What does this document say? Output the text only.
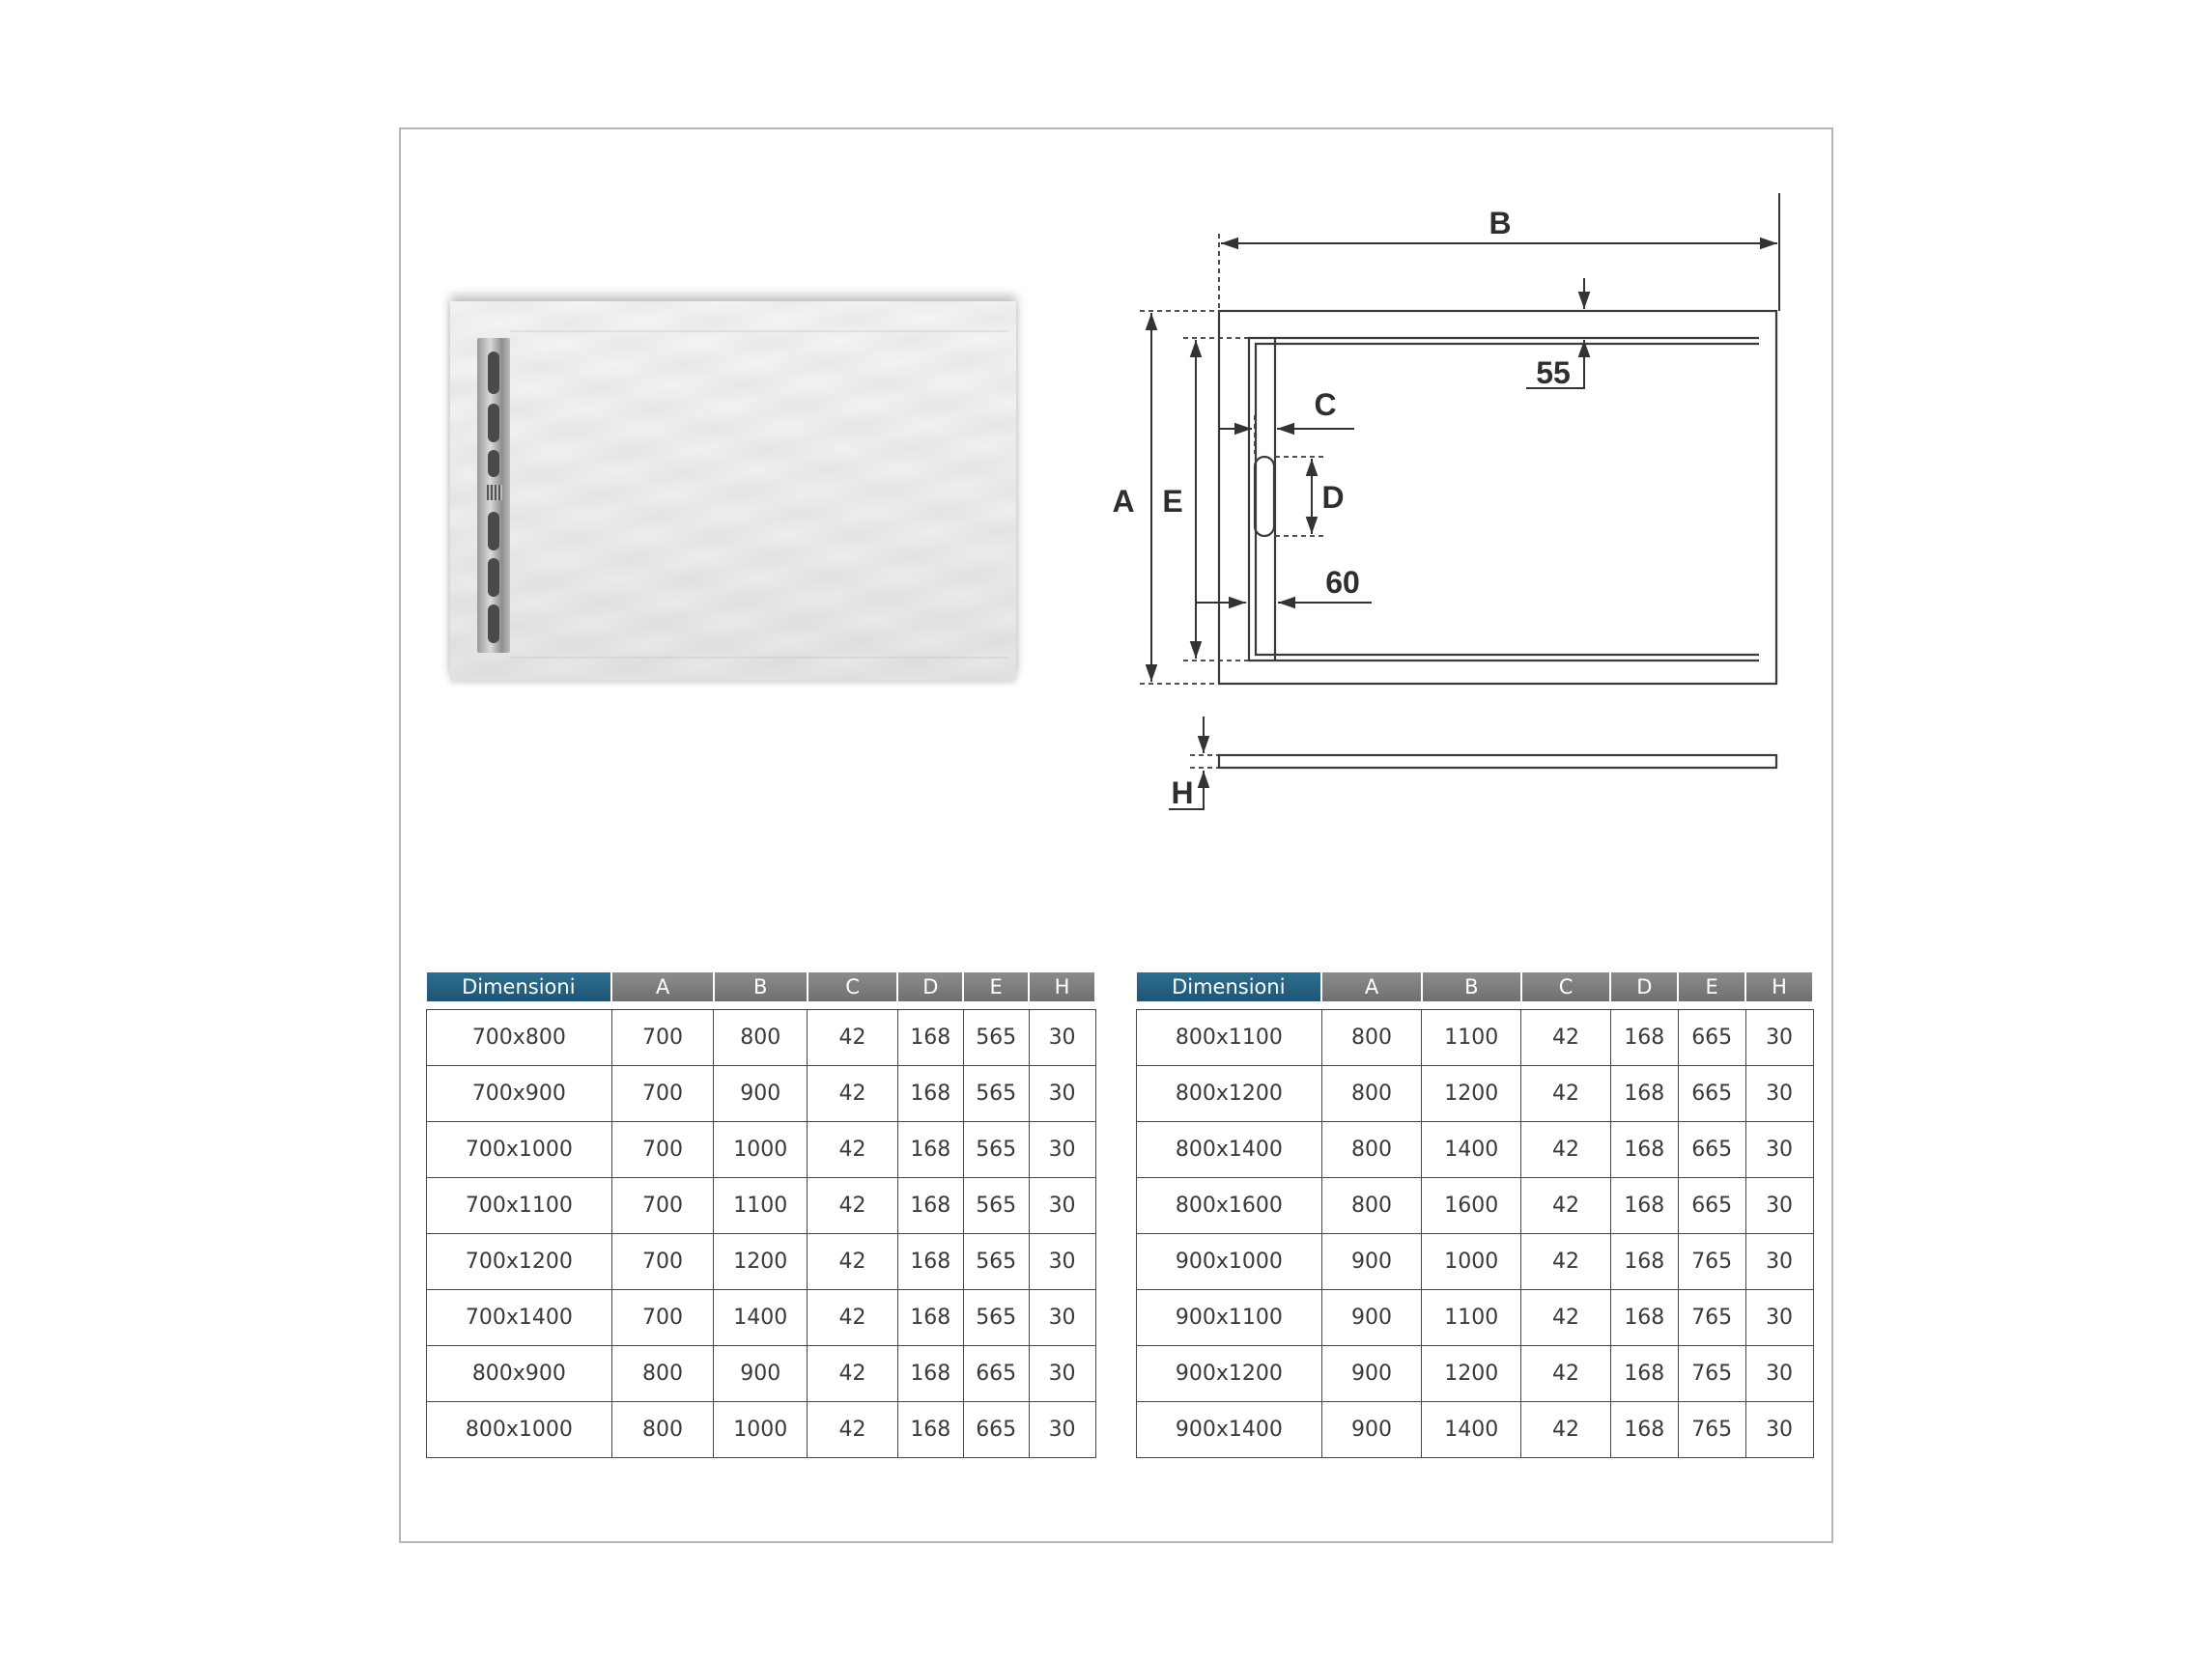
B
A E
C
D
55
60
H
Dimensioni	A	B	C	D	E	H

700x800	700	800	42	168	565	30
700x900	700	900	42	168	565	30
700x1000	700	1000	42	168	565	30
700x1100	700	1100	42	168	565	30
700x1200	700	1200	42	168	565	30
700x1400	700	1400	42	168	565	30
800x900	800	900	42	168	665	30
800x1000	800	1000	42	168	665	30
Dimensioni	A	B	C	D	E	H

800x1100	800	1100	42	168	665	30
800x1200	800	1200	42	168	665	30
800x1400	800	1400	42	168	665	30
800x1600	800	1600	42	168	665	30
900x1000	900	1000	42	168	765	30
900x1100	900	1100	42	168	765	30
900x1200	900	1200	42	168	765	30
900x1400	900	1400	42	168	765	30
